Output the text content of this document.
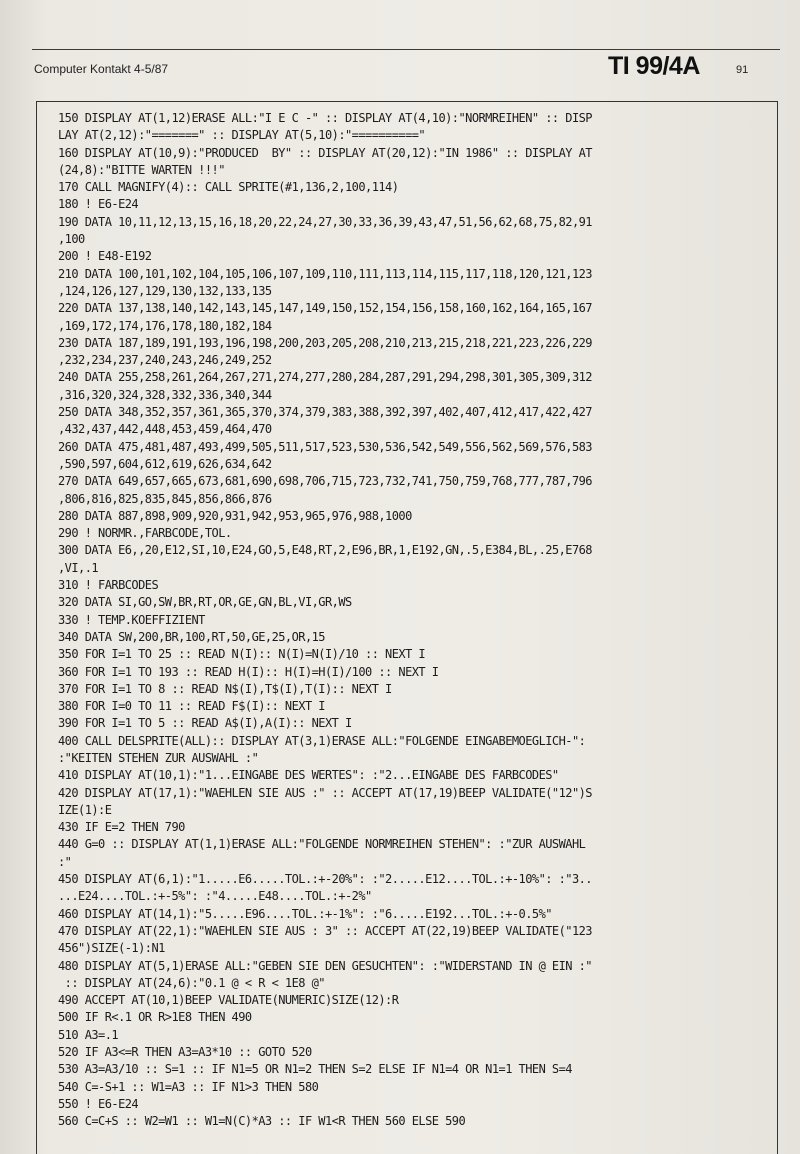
Computer Kontakt 4-5/87	TI 99/4A	91
150 DISPLAY AT(1,12)ERASE ALL:"I E C -" :: DISPLAY AT(4,10):"NORMREIHEN" :: DISP
LAY AT(2,12):"=======" :: DISPLAY AT(5,10):"=========="
160 DISPLAY AT(10,9):"PRODUCED  BY" :: DISPLAY AT(20,12):"IN 1986" :: DISPLAY AT
(24,8):"BITTE WARTEN !!!"
170 CALL MAGNIFY(4):: CALL SPRITE(#1,136,2,100,114)
180 ! E6-E24
190 DATA 10,11,12,13,15,16,18,20,22,24,27,30,33,36,39,43,47,51,56,62,68,75,82,91
,100
200 ! E48-E192
210 DATA 100,101,102,104,105,106,107,109,110,111,113,114,115,117,118,120,121,123
,124,126,127,129,130,132,133,135
220 DATA 137,138,140,142,143,145,147,149,150,152,154,156,158,160,162,164,165,167
,169,172,174,176,178,180,182,184
230 DATA 187,189,191,193,196,198,200,203,205,208,210,213,215,218,221,223,226,229
,232,234,237,240,243,246,249,252
240 DATA 255,258,261,264,267,271,274,277,280,284,287,291,294,298,301,305,309,312
,316,320,324,328,332,336,340,344
250 DATA 348,352,357,361,365,370,374,379,383,388,392,397,402,407,412,417,422,427
,432,437,442,448,453,459,464,470
260 DATA 475,481,487,493,499,505,511,517,523,530,536,542,549,556,562,569,576,583
,590,597,604,612,619,626,634,642
270 DATA 649,657,665,673,681,690,698,706,715,723,732,741,750,759,768,777,787,796
,806,816,825,835,845,856,866,876
280 DATA 887,898,909,920,931,942,953,965,976,988,1000
290 ! NORMR.,FARBCODE,TOL.
300 DATA E6,,20,E12,SI,10,E24,GO,5,E48,RT,2,E96,BR,1,E192,GN,.5,E384,BL,.25,E768
,VI,.1
310 ! FARBCODES
320 DATA SI,GO,SW,BR,RT,OR,GE,GN,BL,VI,GR,WS
330 ! TEMP.KOEFFIZIENT
340 DATA SW,200,BR,100,RT,50,GE,25,OR,15
350 FOR I=1 TO 25 :: READ N(I):: N(I)=N(I)/10 :: NEXT I
360 FOR I=1 TO 193 :: READ H(I):: H(I)=H(I)/100 :: NEXT I
370 FOR I=1 TO 8 :: READ N$(I),T$(I),T(I):: NEXT I
380 FOR I=0 TO 11 :: READ F$(I):: NEXT I
390 FOR I=1 TO 5 :: READ A$(I),A(I):: NEXT I
400 CALL DELSPRITE(ALL):: DISPLAY AT(3,1)ERASE ALL:"FOLGENDE EINGABEMOEGLICH-":
:"KEITEN STEHEN ZUR AUSWAHL :"
410 DISPLAY AT(10,1):"1...EINGABE DES WERTES": :"2...EINGABE DES FARBCODES"
420 DISPLAY AT(17,1):"WAEHLEN SIE AUS :" :: ACCEPT AT(17,19)BEEP VALIDATE("12")S
IZE(1):E
430 IF E=2 THEN 790
440 G=0 :: DISPLAY AT(1,1)ERASE ALL:"FOLGENDE NORMREIHEN STEHEN": :"ZUR AUSWAHL
:"
450 DISPLAY AT(6,1):"1.....E6.....TOL.:+-20%": :"2.....E12....TOL.:+-10%": :"3..
...E24....TOL.:+-5%": :"4.....E48....TOL.:+-2%"
460 DISPLAY AT(14,1):"5.....E96....TOL.:+-1%": :"6.....E192...TOL.:+-0.5%"
470 DISPLAY AT(22,1):"WAEHLEN SIE AUS : 3" :: ACCEPT AT(22,19)BEEP VALIDATE("123
456")SIZE(-1):N1
480 DISPLAY AT(5,1)ERASE ALL:"GEBEN SIE DEN GESUCHTEN": :"WIDERSTAND IN @ EIN :"
:: DISPLAY AT(24,6):"0.1 @ < R < 1E8 @"
490 ACCEPT AT(10,1)BEEP VALIDATE(NUMERIC)SIZE(12):R
500 IF R<.1 OR R>1E8 THEN 490
510 A3=.1
520 IF A3<=R THEN A3=A3*10 :: GOTO 520
530 A3=A3/10 :: S=1 :: IF N1=5 OR N1=2 THEN S=2 ELSE IF N1=4 OR N1=1 THEN S=4
540 C=-S+1 :: W1=A3 :: IF N1>3 THEN 580
550 ! E6-E24
560 C=C+S :: W2=W1 :: W1=N(C)*A3 :: IF W1<R THEN 560 ELSE 590
